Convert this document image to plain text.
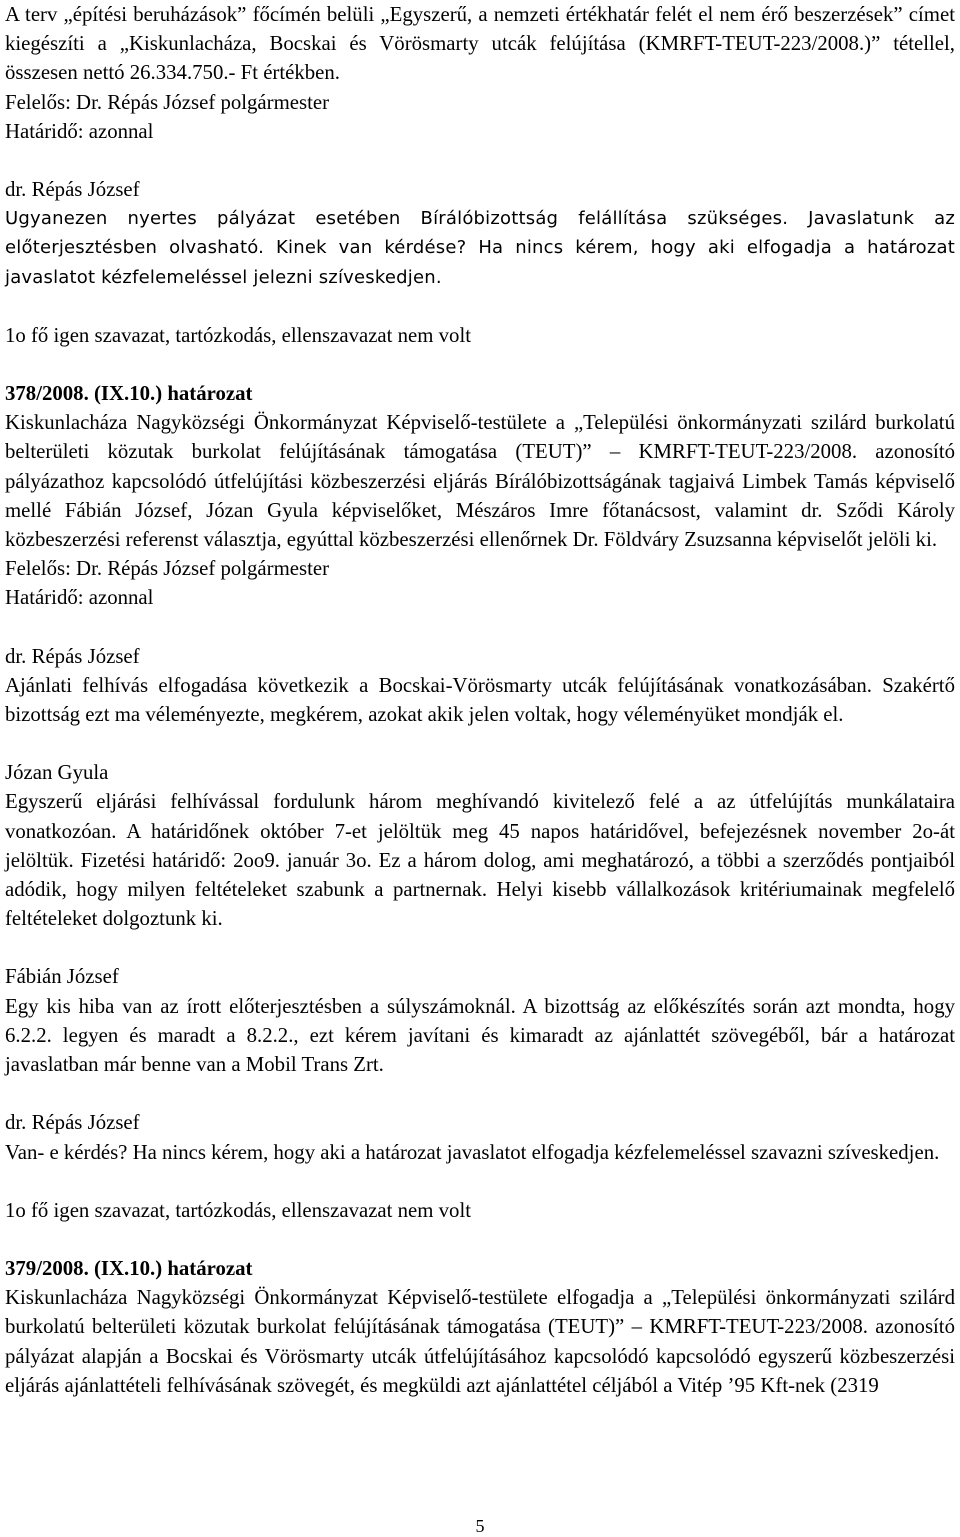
A terv „építési beruházások” főcímén belüli „Egyszerű, a nemzeti értékhatár felét el nem érő beszerzések” címet kiegészíti a „Kiskunlacháza, Bocskai és Vörösmarty utcák felújítása (KMRFT-TEUT-223/2008.)” tétellel, összesen nettó 26.334.750.- Ft értékben.

Felelős: Dr. Répás József polgármester

Határidő: azonnal

dr. Répás József

Ugyanezen nyertes pályázat esetében Bírálóbizottság felállítása szükséges. Javaslatunk az előterjesztésben olvasható. Kinek van kérdése? Ha nincs kérem, hogy aki elfogadja a határozat javaslatot kézfelemeléssel jelezni szíveskedjen.

1o fő igen szavazat, tartózkodás, ellenszavazat nem volt

378/2008. (IX.10.) határozat

Kiskunlacháza Nagyközségi Önkormányzat Képviselő-testülete a „Települési önkormányzati szilárd burkolatú belterületi közutak burkolat felújításának támogatása (TEUT)” – KMRFT-TEUT-223/2008. azonosító pályázathoz kapcsolódó útfelújítási közbeszerzési eljárás Bírálóbizottságának tagjaivá Limbek Tamás képviselő mellé Fábián József, Józan Gyula képviselőket, Mészáros Imre főtanácsost, valamint dr. Sződi Károly közbeszerzési referenst választja, egyúttal közbeszerzési ellenőrnek Dr. Földváry Zsuzsanna képviselőt jelöli ki.

Felelős: Dr. Répás József polgármester

Határidő: azonnal

dr. Répás József

Ajánlati felhívás elfogadása következik a Bocskai-Vörösmarty utcák felújításának vonatkozásában. Szakértő bizottság ezt ma véleményezte, megkérem, azokat akik jelen voltak, hogy véleményüket mondják el.

Józan Gyula

Egyszerű eljárási felhívással fordulunk három meghívandó kivitelező felé a az útfelújítás munkálataira vonatkozóan. A határidőnek október 7-et jelöltük meg 45 napos határidővel, befejezésnek november 2o-át jelöltük. Fizetési határidő: 2oo9. január 3o. Ez a három dolog, ami meghatározó, a többi a szerződés pontjaiból adódik, hogy milyen feltételeket szabunk a partnernak. Helyi kisebb vállalkozások kritériumainak megfelelő feltételeket dolgoztunk ki.

Fábián József

Egy kis hiba van az írott előterjesztésben a súlyszámoknál. A bizottság az előkészítés során azt mondta, hogy 6.2.2. legyen és maradt a 8.2.2., ezt kérem javítani és kimaradt az ajánlattét szövegéből, bár a határozat javaslatban már benne van a Mobil Trans Zrt.

dr. Répás József

Van- e kérdés? Ha nincs kérem, hogy aki a határozat javaslatot elfogadja kézfelemeléssel szavazni szíveskedjen.

1o fő igen szavazat, tartózkodás, ellenszavazat nem volt

379/2008. (IX.10.) határozat

Kiskunlacháza Nagyközségi Önkormányzat Képviselő-testülete elfogadja a „Települési önkormányzati szilárd burkolatú belterületi közutak burkolat felújításának támogatása (TEUT)” – KMRFT-TEUT-223/2008. azonosító pályázat alapján a Bocskai és Vörösmarty utcák útfelújításához kapcsolódó kapcsolódó egyszerű közbeszerzési eljárás ajánlattételi felhívásának szövegét, és megküldi azt ajánlattétel céljából a Vitép ’95 Kft-nek (2319

5
